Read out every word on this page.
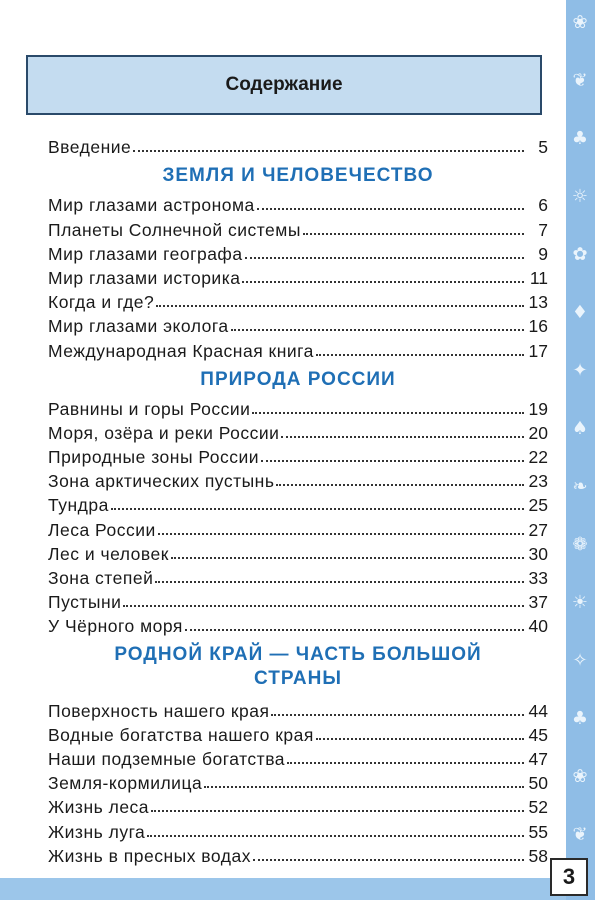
❀
❦
♣
☼
✿
♦
✦
♠
❧
❁
☀
✧
♣
❀
❦
Содержание
Введение	5
ЗЕМЛЯ И ЧЕЛОВЕЧЕСТВО
Мир глазами астронома	6
Планеты Солнечной системы	7
Мир глазами географа	9
Мир глазами историка	11
Когда и где?	13
Мир глазами эколога	16
Международная Красная книга	17
ПРИРОДА РОССИИ
Равнины и горы России	19
Моря, озёра и реки России	20
Природные зоны России	22
Зона арктических пустынь	23
Тундра	25
Леса России	27
Лес и человек	30
Зона степей	33
Пустыни	37
У Чёрного моря	40
РОДНОЙ КРАЙ — ЧАСТЬ БОЛЬШОЙ
СТРАНЫ
Поверхность нашего края	44
Водные богатства нашего края	45
Наши подземные богатства	47
Земля-кормилица	50
Жизнь леса	52
Жизнь луга	55
Жизнь в пресных водах	58
3
